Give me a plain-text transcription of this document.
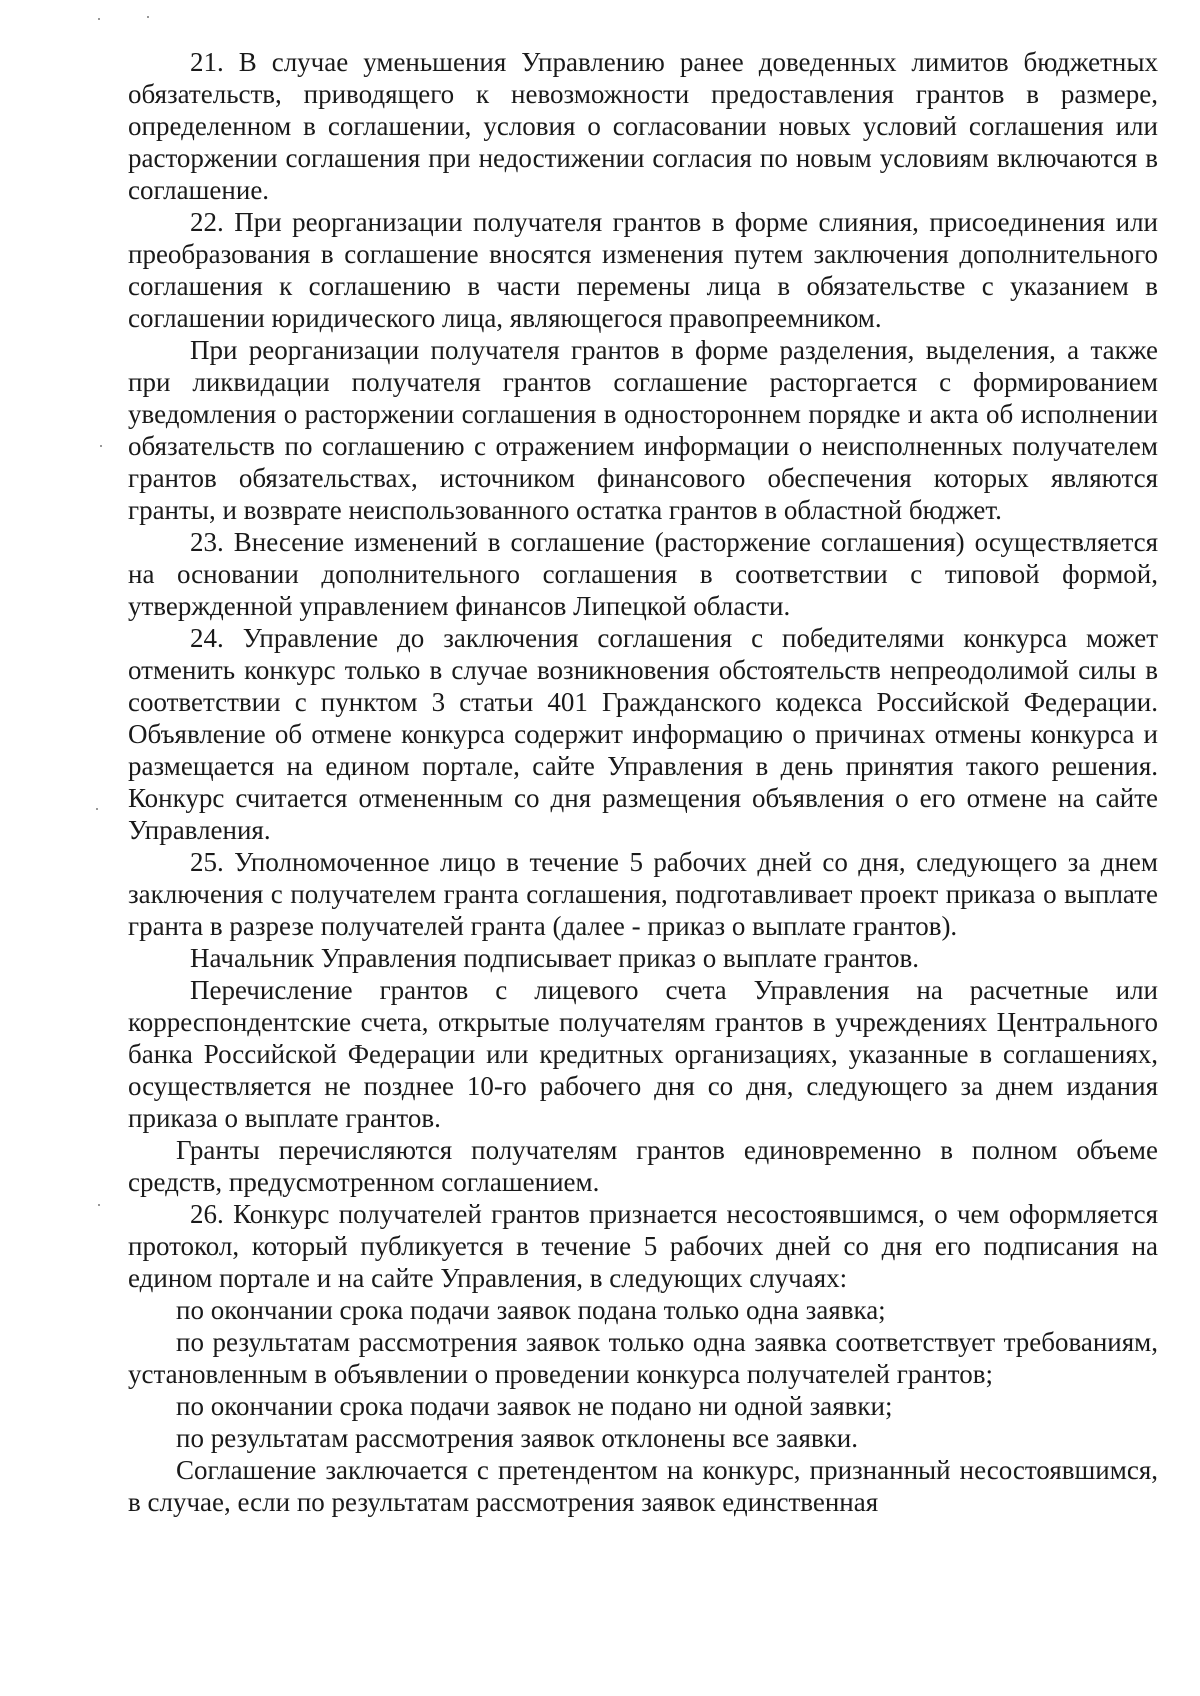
21. В случае уменьшения Управлению ранее доведенных лимитов бюджетных обязательств, приводящего к невозможности предоставления грантов в размере, определенном в соглашении, условия о согласовании новых условий соглашения или расторжении соглашения при недостижении согласия по новым условиям включаются в соглашение.

22. При реорганизации получателя грантов в форме слияния, присоединения или преобразования в соглашение вносятся изменения путем заключения дополнительного соглашения к соглашению в части перемены лица в обязательстве с указанием в соглашении юридического лица, являющегося правопреемником.

При реорганизации получателя грантов в форме разделения, выделения, а также при ликвидации получателя грантов соглашение расторгается с формированием уведомления о расторжении соглашения в одностороннем порядке и акта об исполнении обязательств по соглашению с отражением информации о неисполненных получателем грантов обязательствах, источником финансового обеспечения которых являются гранты, и возврате неиспользованного остатка грантов в областной бюджет.

23. Внесение изменений в соглашение (расторжение соглашения) осуществляется на основании дополнительного соглашения в соответствии с типовой формой, утвержденной управлением финансов Липецкой области.

24. Управление до заключения соглашения с победителями конкурса может отменить конкурс только в случае возникновения обстоятельств непреодолимой силы в соответствии с пунктом 3 статьи 401 Гражданского кодекса Российской Федерации. Объявление об отмене конкурса содержит информацию о причинах отмены конкурса и размещается на едином портале, сайте Управления в день принятия такого решения. Конкурс считается отмененным со дня размещения объявления о его отмене на сайте Управления.

25. Уполномоченное лицо в течение 5 рабочих дней со дня, следующего за днем заключения с получателем гранта соглашения, подготавливает проект приказа о выплате гранта в разрезе получателей гранта (далее - приказ о выплате грантов).

Начальник Управления подписывает приказ о выплате грантов.

Перечисление грантов с лицевого счета Управления на расчетные или корреспондентские счета, открытые получателям грантов в учреждениях Центрального банка Российской Федерации или кредитных организациях, указанные в соглашениях, осуществляется не позднее 10-го рабочего дня со дня, следующего за днем издания приказа о выплате грантов.

Гранты перечисляются получателям грантов единовременно в полном объеме средств, предусмотренном соглашением.

26. Конкурс получателей грантов признается несостоявшимся, о чем оформляется протокол, который публикуется в течение 5 рабочих дней со дня его подписания на едином портале и на сайте Управления, в следующих случаях:

по окончании срока подачи заявок подана только одна заявка;

по результатам рассмотрения заявок только одна заявка соответствует требованиям, установленным в объявлении о проведении конкурса получателей грантов;

по окончании срока подачи заявок не подано ни одной заявки;

по результатам рассмотрения заявок отклонены все заявки.

Соглашение заключается с претендентом на конкурс, признанный несостоявшимся, в случае, если по результатам рассмотрения заявок единственная
